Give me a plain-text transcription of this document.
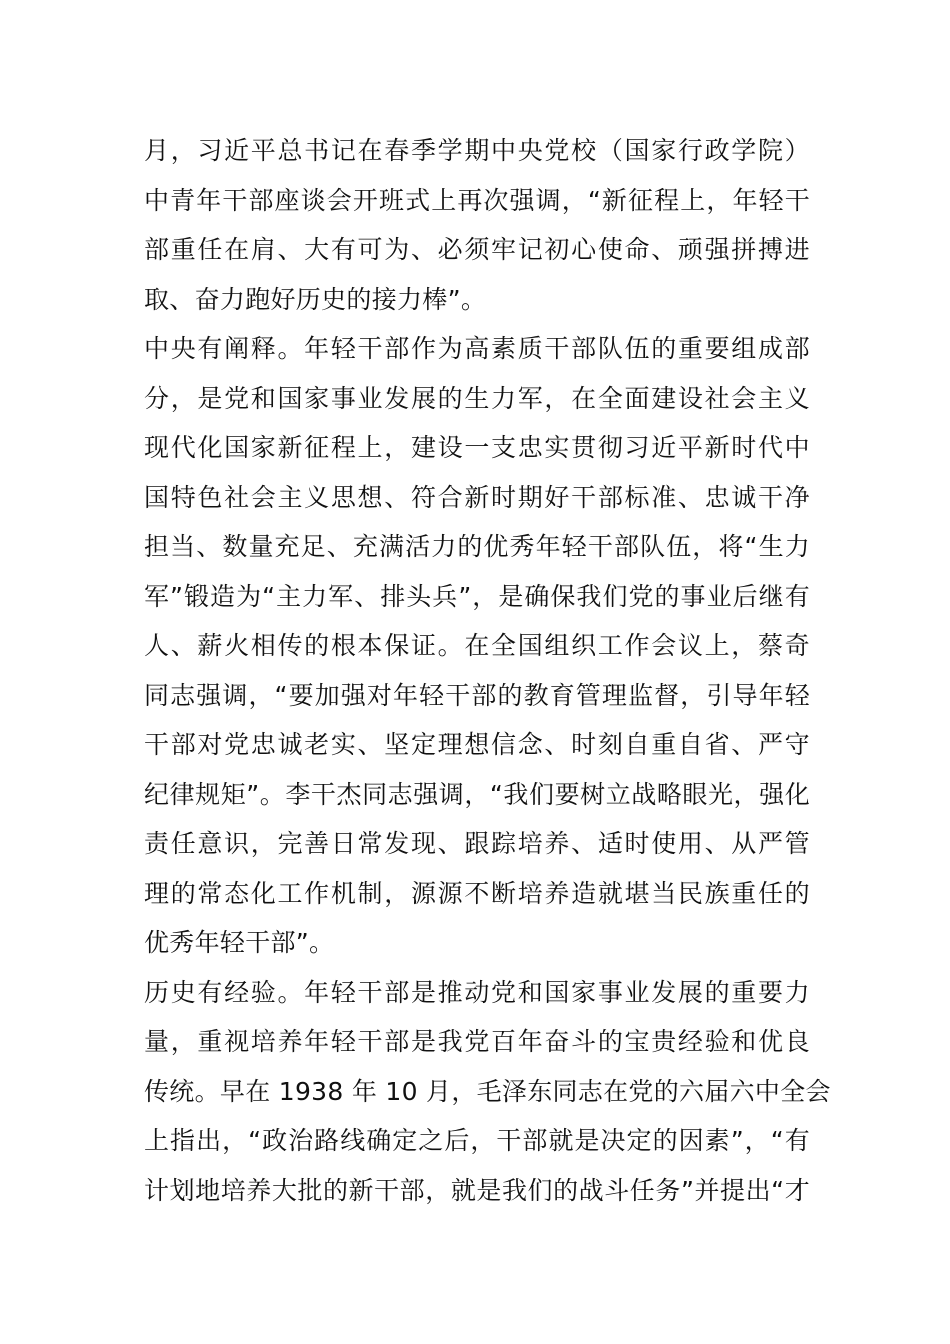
月，习近平总书记在春季学期中央党校（国家行政学院）
中青年干部座谈会开班式上再次强调，“新征程上，年轻干
部重任在肩、大有可为、必须牢记初心使命、顽强拼搏进
取、奋力跑好历史的接力棒”。
中央有阐释。年轻干部作为高素质干部队伍的重要组成部
分，是党和国家事业发展的生力军，在全面建设社会主义
现代化国家新征程上，建设一支忠实贯彻习近平新时代中
国特色社会主义思想、符合新时期好干部标准、忠诚干净
担当、数量充足、充满活力的优秀年轻干部队伍，将“生力
军”锻造为“主力军、排头兵”，是确保我们党的事业后继有
人、薪火相传的根本保证。在全国组织工作会议上，蔡奇
同志强调，“要加强对年轻干部的教育管理监督，引导年轻
干部对党忠诚老实、坚定理想信念、时刻自重自省、严守
纪律规矩”。李干杰同志强调，“我们要树立战略眼光，强化
责任意识，完善日常发现、跟踪培养、适时使用、从严管
理的常态化工作机制，源源不断培养造就堪当民族重任的
优秀年轻干部”。
历史有经验。年轻干部是推动党和国家事业发展的重要力
量，重视培养年轻干部是我党百年奋斗的宝贵经验和优良
传统。早在 1938 年 10 月，毛泽东同志在党的六届六中全会
上指出，“政治路线确定之后，干部就是决定的因素”，“有
计划地培养大批的新干部，就是我们的战斗任务”并提出“才
